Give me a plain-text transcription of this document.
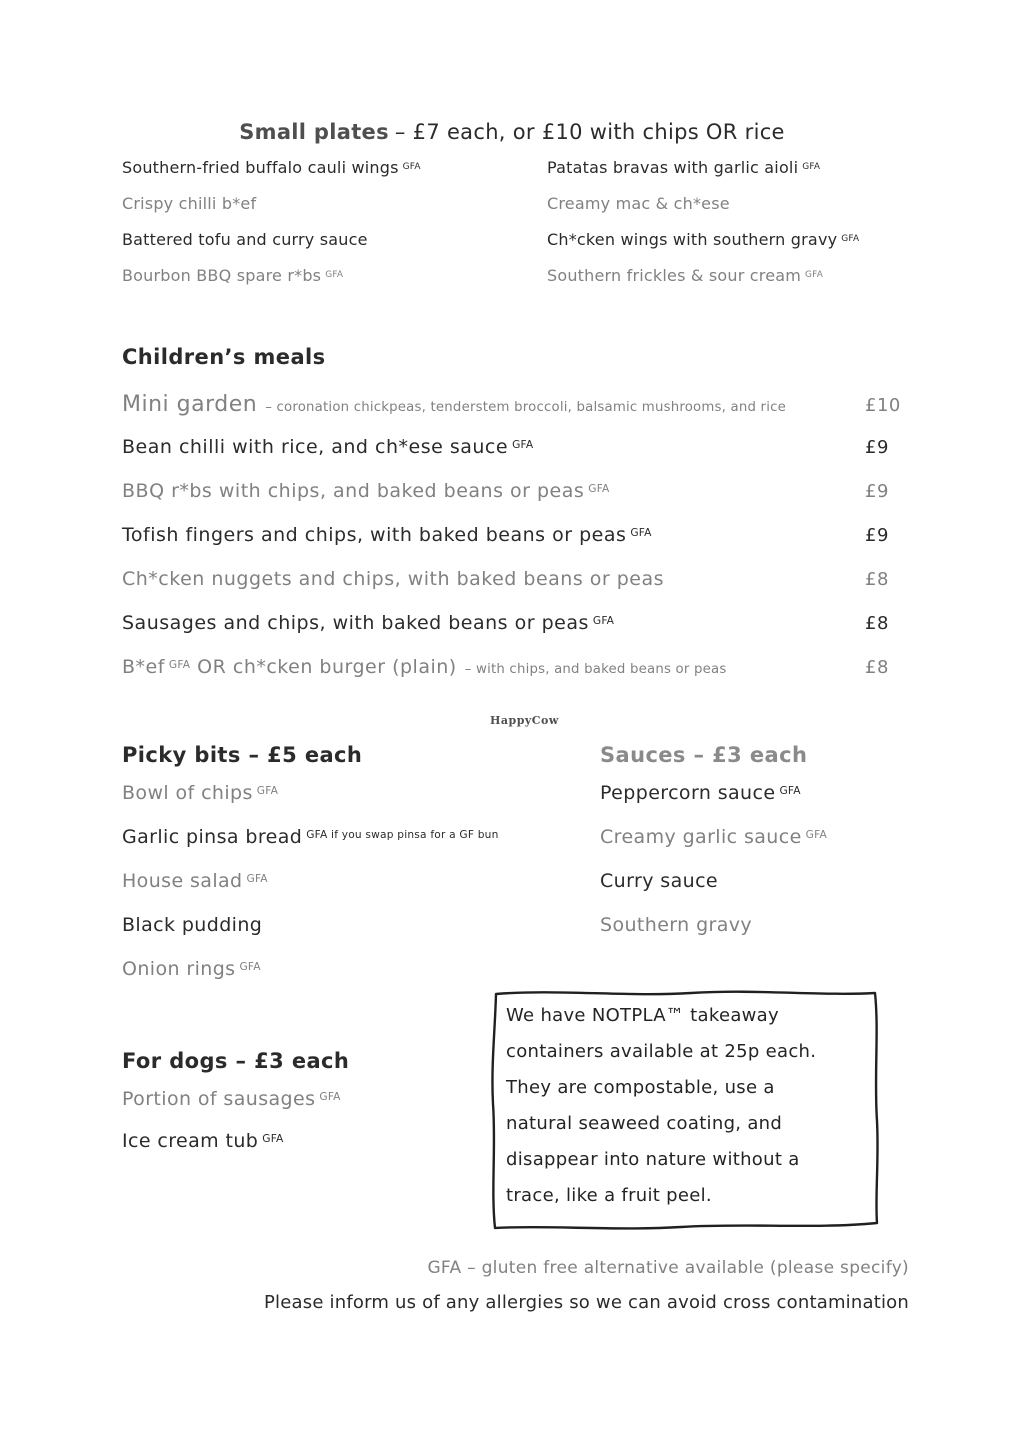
Small plates – £7 each, or £10 with chips OR rice
Southern-fried buffalo cauli wings GFA
Crispy chilli b*ef
Battered tofu and curry sauce
Bourbon BBQ spare r*bs GFA
Patatas bravas with garlic aioli GFA
Creamy mac & ch*ese
Ch*cken wings with southern gravy GFA
Southern frickles & sour cream GFA
Children’s meals
Mini garden – coronation chickpeas, tenderstem broccoli, balsamic mushrooms, and rice	£10
Bean chilli with rice, and ch*ese sauce GFA	£9
BBQ r*bs with chips, and baked beans or peas GFA	£9
Tofish fingers and chips, with baked beans or peas GFA	£9
Ch*cken nuggets and chips, with baked beans or peas	£8
Sausages and chips, with baked beans or peas GFA	£8
B*ef GFA OR ch*cken burger (plain) – with chips, and baked beans or peas	£8
HappyCow
Picky bits – £5 each
Bowl of chips GFA
Garlic pinsa bread GFA if you swap pinsa for a GF bun
House salad GFA
Black pudding
Onion rings GFA
Sauces – £3 each
Peppercorn sauce GFA
Creamy garlic sauce GFA
Curry sauce
Southern gravy
For dogs – £3 each
Portion of sausages GFA
Ice cream tub GFA
We have NOTPLA™ takeaway
containers available at 25p each.
They are compostable, use a
natural seaweed coating, and
disappear into nature without a
trace, like a fruit peel.
GFA – gluten free alternative available (please specify)
Please inform us of any allergies so we can avoid cross contamination
